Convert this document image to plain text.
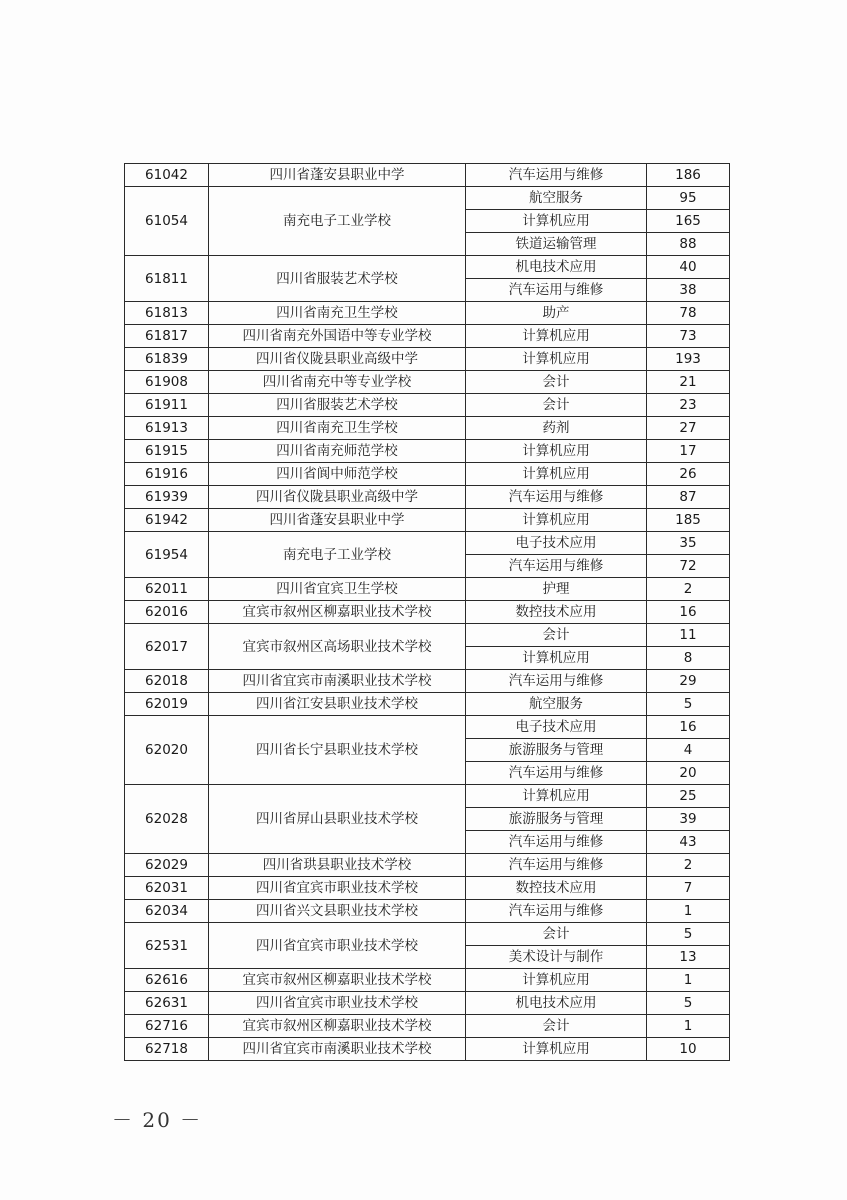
61042	四川省蓬安县职业中学	汽车运用与维修	186
61054	南充电子工业学校	航空服务	95
		计算机应用	165
		铁道运输管理	88
61811	四川省服装艺术学校	机电技术应用	40
		汽车运用与维修	38
61813	四川省南充卫生学校	助产	78
61817	四川省南充外国语中等专业学校	计算机应用	73
61839	四川省仪陇县职业高级中学	计算机应用	193
61908	四川省南充中等专业学校	会计	21
61911	四川省服装艺术学校	会计	23
61913	四川省南充卫生学校	药剂	27
61915	四川省南充师范学校	计算机应用	17
61916	四川省阆中师范学校	计算机应用	26
61939	四川省仪陇县职业高级中学	汽车运用与维修	87
61942	四川省蓬安县职业中学	计算机应用	185
61954	南充电子工业学校	电子技术应用	35
		汽车运用与维修	72
62011	四川省宜宾卫生学校	护理	2
62016	宜宾市叙州区柳嘉职业技术学校	数控技术应用	16
62017	宜宾市叙州区高场职业技术学校	会计	11
		计算机应用	8
62018	四川省宜宾市南溪职业技术学校	汽车运用与维修	29
62019	四川省江安县职业技术学校	航空服务	5
62020	四川省长宁县职业技术学校	电子技术应用	16
		旅游服务与管理	4
		汽车运用与维修	20
62028	四川省屏山县职业技术学校	计算机应用	25
		旅游服务与管理	39
		汽车运用与维修	43
62029	四川省珙县职业技术学校	汽车运用与维修	2
62031	四川省宜宾市职业技术学校	数控技术应用	7
62034	四川省兴文县职业技术学校	汽车运用与维修	1
62531	四川省宜宾市职业技术学校	会计	5
		美术设计与制作	13
62616	宜宾市叙州区柳嘉职业技术学校	计算机应用	1
62631	四川省宜宾市职业技术学校	机电技术应用	5
62716	宜宾市叙州区柳嘉职业技术学校	会计	1
62718	四川省宜宾市南溪职业技术学校	计算机应用	10
－ 20 －
